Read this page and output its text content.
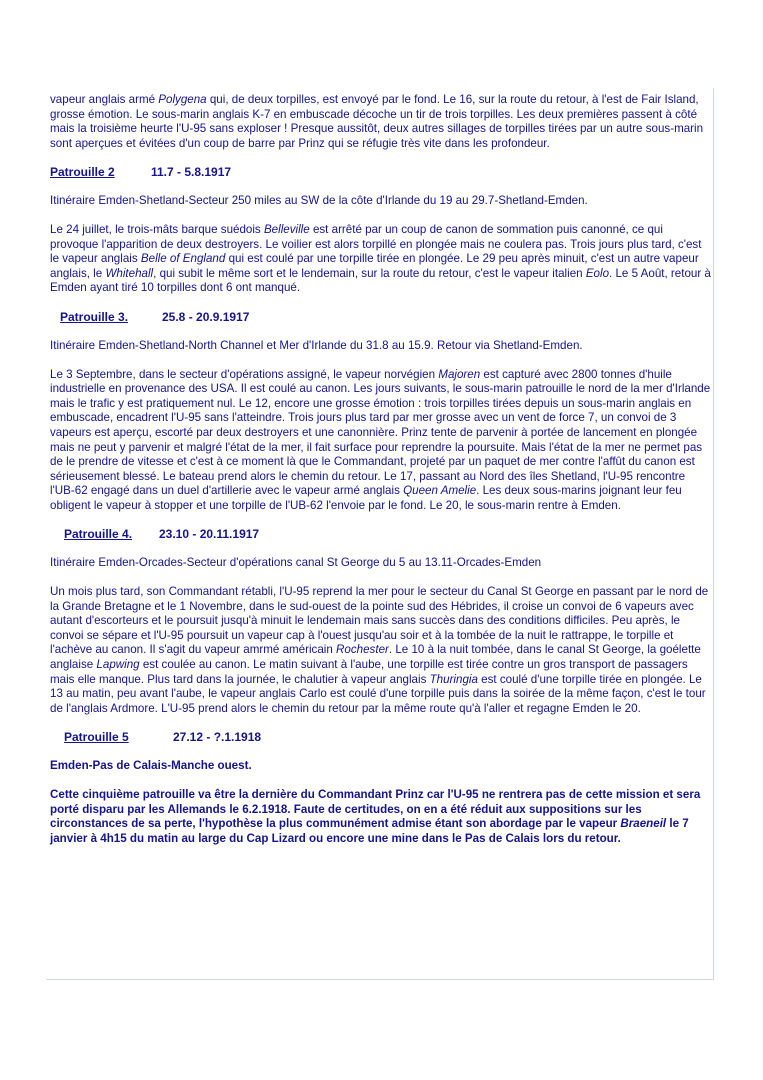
vapeur anglais armé Polygena qui, de deux torpilles, est envoyé par le fond. Le 16, sur la route du retour, à l'est de Fair Island, grosse émotion. Le sous-marin anglais K-7 en embuscade décoche un tir de trois torpilles. Les deux premières passent à côté mais la troisième heurte l'U-95 sans exploser ! Presque aussitôt, deux autres sillages de torpilles tirées par un autre sous-marin sont aperçues et évitées d'un coup de barre par Prinz qui se réfugie très vite dans les profondeur.

Patrouille 2	11.7 - 5.8.1917

Itinéraire Emden-Shetland-Secteur 250 miles au SW de la côte d'Irlande du 19 au 29.7-Shetland-Emden.

Le 24 juillet, le trois-mâts barque suédois Belleville est arrêté par un coup de canon de sommation puis canonné, ce qui provoque l'apparition de deux destroyers. Le voilier est alors torpillé en plongée mais ne coulera pas. Trois jours plus tard, c'est le vapeur anglais Belle of England qui est coulé par une torpille tirée en plongée. Le 29 peu après minuit, c'est un autre vapeur anglais, le Whitehall, qui subit le même sort et le lendemain, sur la route du retour, c'est le vapeur italien Eolo. Le 5 Août, retour à Emden ayant tiré 10 torpilles dont 6 ont manqué.

Patrouille 3.	25.8 - 20.9.1917

Itinéraire Emden-Shetland-North Channel et Mer d'Irlande du 31.8 au 15.9. Retour via Shetland-Emden.

Le 3 Septembre, dans le secteur d'opérations assigné, le vapeur norvégien Majoren est capturé avec 2800 tonnes d'huile industrielle en provenance des USA. Il est coulé au canon. Les jours suivants, le sous-marin patrouille le nord de la mer d'Irlande mais le trafic y est pratiquement nul. Le 12, encore une grosse émotion : trois torpilles tirées depuis un sous-marin anglais en embuscade, encadrent l'U-95 sans l'atteindre. Trois jours plus tard par mer grosse avec un vent de force 7, un convoi de 3 vapeurs est aperçu, escorté par deux destroyers et une canonnière. Prinz tente de parvenir à portée de lancement en plongée mais ne peut y parvenir et malgré l'état de la mer, il fait surface pour reprendre la poursuite. Mais l'état de la mer ne permet pas de le prendre de vitesse et c'est à ce moment là que le Commandant, projeté par un paquet de mer contre l'affût du canon est sérieusement blessé. Le bateau prend alors le chemin du retour. Le 17, passant au Nord des îles Shetland, l'U-95 rencontre l'UB-62 engagé dans un duel d'artillerie avec le vapeur armé anglais Queen Amelie. Les deux sous-marins joignant leur feu obligent le vapeur à stopper et une torpille de l'UB-62 l'envoie par le fond. Le 20, le sous-marin rentre à Emden.

Patrouille 4. 23.10 - 20.11.1917

Itinéraire Emden-Orcades-Secteur d'opérations canal St George du 5 au 13.11-Orcades-Emden

Un mois plus tard, son Commandant rétabli, l'U-95 reprend la mer pour le secteur du Canal St George en passant par le nord de la Grande Bretagne et le 1 Novembre, dans le sud-ouest de la pointe sud des Hébrides, il croise un convoi de 6 vapeurs avec autant d'escorteurs et le poursuit jusqu'à minuit le lendemain mais sans succès dans des conditions difficiles. Peu après, le convoi se sépare et l'U-95 poursuit un vapeur cap à l'ouest jusqu'au soir et à la tombée de la nuit le rattrappe, le torpille et l'achève au canon. Il s'agit du vapeur amrmé américain Rochester. Le 10 à la nuit tombée, dans le canal St George, la goélette anglaise Lapwing est coulée au canon. Le matin suivant à l'aube, une torpille est tirée contre un gros transport de passagers mais elle manque. Plus tard dans la journée, le chalutier à vapeur anglais Thuringia est coulé d'une torpille tirée en plongée. Le 13 au matin, peu avant l'aube, le vapeur anglais Carlo est coulé d'une torpille puis dans la soirée de la même façon, c'est le tour de l'anglais Ardmore. L'U-95 prend alors le chemin du retour par la même route qu'à l'aller et regagne Emden le 20.

Patrouille 5	27.12 - ?.1.1918

Emden-Pas de Calais-Manche ouest.

Cette cinquième patrouille va être la dernière du Commandant Prinz car l'U-95 ne rentrera pas de cette mission et sera porté disparu par les Allemands le 6.2.1918. Faute de certitudes, on en a été réduit aux suppositions sur les circonstances de sa perte, l'hypothèse la plus communément admise étant son abordage par le vapeur Braeneil le 7 janvier à 4h15 du matin au large du Cap Lizard ou encore une mine dans le Pas de Calais lors du retour.
